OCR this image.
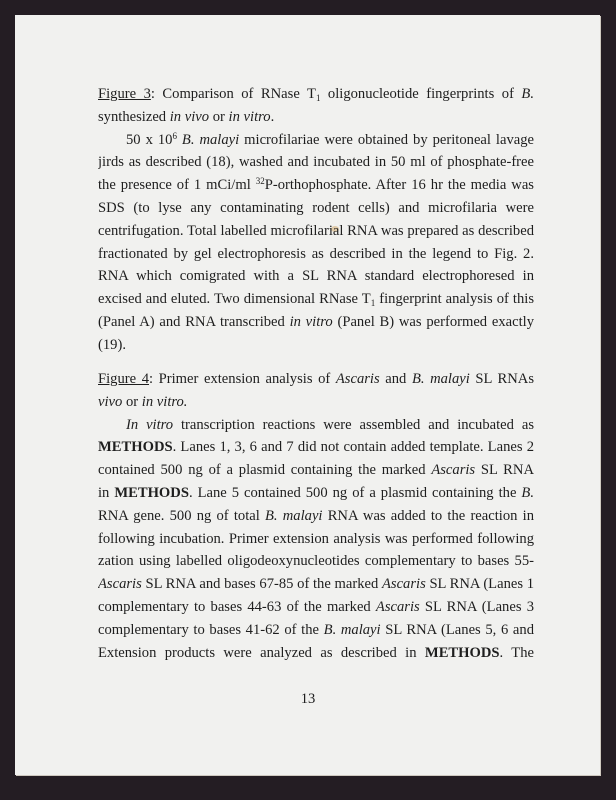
Figure 3: Comparison of RNase $T_1$ oligonucleotide fingerprints of B.
synthesized in vivo or in vitro.
50 x $10^6$ B. malayi microfilariae were obtained by peritoneal lavage
jirds as described (18), washed and incubated in 50 ml of phosphate-free
the presence of 1 mCi/ml $^{32}$P-orthophosphate. After 16 hr the media was
SDS (to lyse any contaminating rodent cells) and microfilaria were
centrifugation. Total labelled microfilarial RNA was prepared as described
fractionated by gel electrophoresis as described in the legend to Fig. 2.
RNA which comigrated with a SL RNA standard electrophoresed in
excised and eluted. Two dimensional RNase $T_1$ fingerprint analysis of this
(Panel A) and RNA transcribed in vitro (Panel B) was performed exactly
(19).
Figure 4: Primer extension analysis of Ascaris and B. malayi SL RNAs
vivo or in vitro.
In vitro transcription reactions were assembled and incubated as
METHODS. Lanes 1, 3, 6 and 7 did not contain added template. Lanes 2
contained 500 ng of a plasmid containing the marked Ascaris SL RNA
in METHODS. Lane 5 contained 500 ng of a plasmid containing the B.
RNA gene. 500 ng of total B. malayi RNA was added to the reaction in
following incubation. Primer extension analysis was performed following
zation using labelled oligodeoxynucleotides complementary to bases 55-
Ascaris SL RNA and bases 67-85 of the marked Ascaris SL RNA (Lanes 1
complementary to bases 44-63 of the marked Ascaris SL RNA (Lanes 3
complementary to bases 41-62 of the B. malayi SL RNA (Lanes 5, 6 and
Extension products were analyzed as described in METHODS. The
13
